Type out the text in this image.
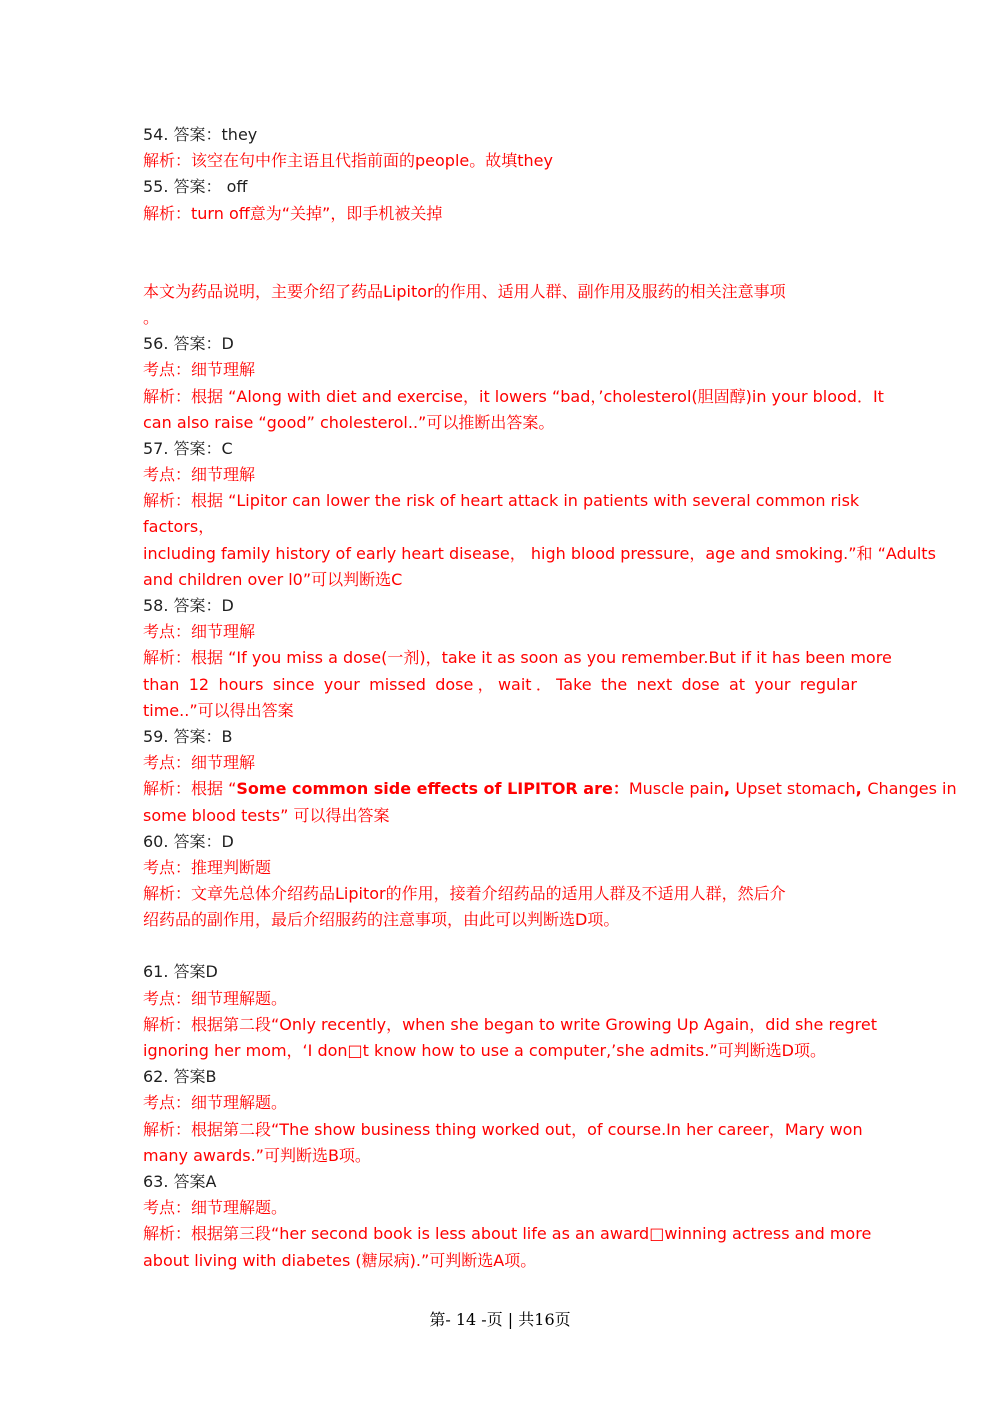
54. 答案：they
解析：该空在句中作主语且代指前面的people。故填they
55. 答案： off
解析：turn off意为“关掉”，即手机被关掉
本文为药品说明，主要介绍了药品Lipitor的作用、适用人群、副作用及服药的相关注意事项
。
56. 答案：D
考点：细节理解
解析：根据 “Along with diet and exercise，it lowers “bad，’cholesterol(胆固醇)in your blood．It
can also raise “good” cholesterol..”可以推断出答案。
57. 答案：C
考点：细节理解
解析：根据 “Lipitor can lower the risk of heart attack in patients with several common risk
factors，
including family history of early heart disease， high blood pressure，age and smoking.”和 “Adults
and children over l0”可以判断选C
58. 答案：D
考点：细节理解
解析：根据 “If you miss a dose(一剂)，take it as soon as you remember.But if it has been more
than 12 hours since your missed dose，wait．Take the next dose at your regular
time..”可以得出答案
59. 答案：B
考点：细节理解
解析：根据 “Some common side effects of LIPITOR are：Muscle pain, Upset stomach, Changes in
some blood tests” 可以得出答案
60. 答案：D
考点：推理判断题
解析：文章先总体介绍药品Lipitor的作用，接着介绍药品的适用人群及不适用人群，然后介
绍药品的副作用，最后介绍服药的注意事项，由此可以判断选D项。
61. 答案D
考点：细节理解题。
解析：根据第二段“Only recently，when she began to write Growing Up Again，did she regret
ignoring her mom，‘I don□t know how to use a computer,’she admits.”可判断选D项。
62. 答案B
考点：细节理解题。
解析：根据第二段“The show business thing worked out，of course.In her career，Mary won
many awards.”可判断选B项。
63. 答案A
考点：细节理解题。
解析：根据第三段“her second book is less about life as an award□winning actress and more
about living with diabetes (糖尿病).”可判断选A项。
第- 14 -页 | 共16页
